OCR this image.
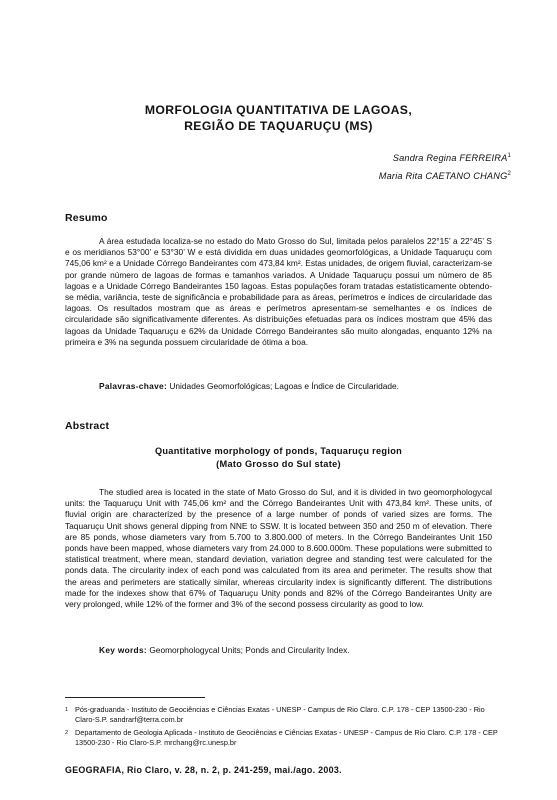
MORFOLOGIA QUANTITATIVA DE LAGOAS,
REGIÃO DE TAQUARUÇU (MS)
Sandra Regina FERREIRA$^1$
Maria Rita CAETANO CHANG$^2$
Resumo
A área estudada localiza-se no estado do Mato Grosso do Sul, limitada pelos paralelos 22°15’ a 22°45’ S e os meridianos 53°00’ e 53°30’ W e está dividida em duas unidades geomorfológicas, a Unidade Taquaruçu com 745,06 km² e a Unidade Córrego Bandeirantes com 473,84 km². Estas unidades, de origem fluvial, caracterizam-se por grande número de lagoas de formas e tamanhos variados. A Unidade Taquaruçu possui um número de 85 lagoas e a Unidade Córrego Bandeirantes 150 lagoas. Estas populações foram tratadas estatisticamente obtendo-se média, variância, teste de significância e probabilidade para as áreas, perímetros e índices de circularidade das lagoas. Os resultados mostram que as áreas e perímetros apresentam-se semelhantes e os índices de circularidade são significativamente diferentes. As distribuições efetuadas para os índices mostram que 45% das lagoas da Unidade Taquaruçu e 62% da Unidade Córrego Bandeirantes são muito alongadas, enquanto 12% na primeira e 3% na segunda possuem circularidade de ótima a boa.
Palavras-chave: Unidades Geomorfológicas; Lagoas e Índice de Circularidade.
Abstract
Quantitative morphology of ponds, Taquaruçu region
(Mato Grosso do Sul state)
The studied area is located in the state of Mato Grosso do Sul, and it is divided in two geomorphologycal units: the Taquaruçu Unit with 745,06 km² and the Córrego Bandeirantes Unit with 473,84 km². These units, of fluvial origin are characterized by the presence of a large number of ponds of varied sizes are forms. The Taquaruçu Unit shows general dipping from NNE to SSW. It is located between 350 and 250 m of elevation. There are 85 ponds, whose diameters vary from 5.700 to 3.800.000 of meters. In the Córrego Bandeirantes Unit 150 ponds have been mapped, whose diameters vary from 24.000 to 8.600.000m. These populations were submitted to statistical treatment, where mean, standard deviation, variation degree and standing test were calculated for the ponds data. The circularity index of each pond was calculated from its area and perimeter. The results show that the areas and perimeters are statically similar, whereas circularity index is significantly different. The distributions made for the indexes show that 67% of Taquaruçu Unity ponds and 82% of the Córrego Bandeirantes Unity are very prolonged, while 12% of the former and 3% of the second possess circularity as good to low.
Key words: Geomorphologycal Units; Ponds and Circularity Index.
1 Pós-graduanda - Instituto de Geociências e Ciências Exatas - UNESP - Campus de Rio Claro. C.P. 178 - CEP 13500-230 - Rio Claro-S.P. sandrarf@terra.com.br
2 Departamento de Geologia Aplicada - Instituto de Geociências e Ciências Exatas - UNESP - Campus de Rio Claro. C.P. 178 - CEP 13500-230 - Rio Claro-S.P. mrchang@rc.unesp.br
GEOGRAFIA, Rio Claro, v. 28, n. 2, p. 241-259, mai./ago. 2003.
